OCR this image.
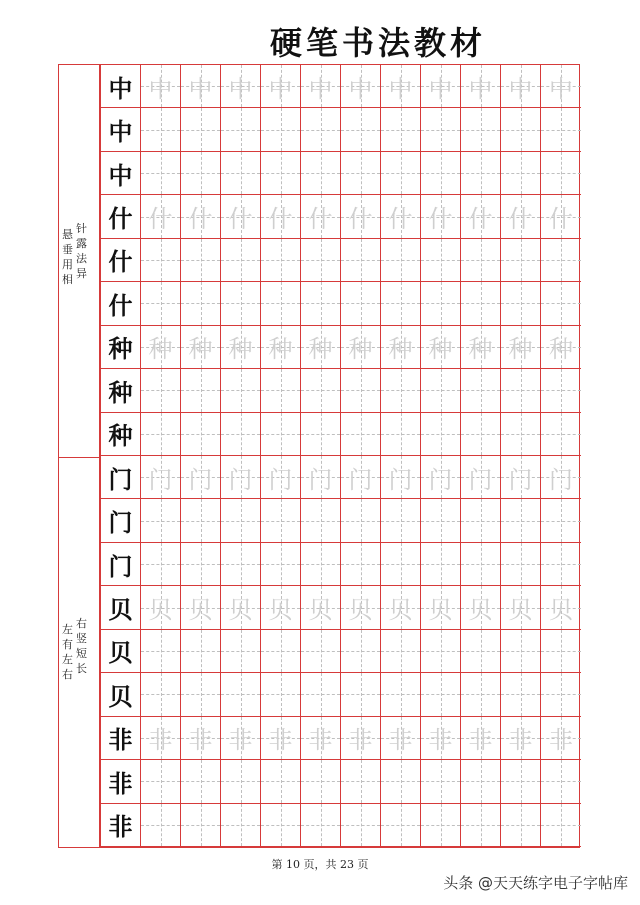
硬笔书法教材
针
露
法
异
悬
垂
用
相
右
竖
短
长
左
有
左
右
中 中 中 中 中 中 中 中 中 中 中 中
中
中
什 什 什 什 什 什 什 什 什 什 什 什
什
什
种 种 种 种 种 种 种 种 种 种 种 种
种
种
门 门 门 门 门 门 门 门 门 门 门 门
门
门
贝 贝 贝 贝 贝 贝 贝 贝 贝 贝 贝 贝
贝
贝
非 非 非 非 非 非 非 非 非 非 非 非
非
非
第 10 页，共 23 页
头条 @天天练字电子字帖库
